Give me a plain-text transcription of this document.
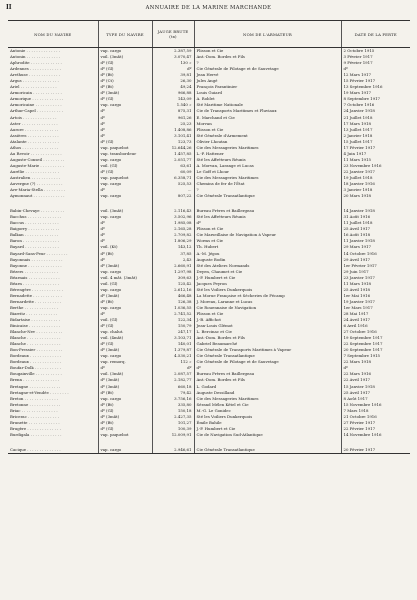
II	ANNUAIRE DE LA MARINE MARCHANDE
NOM DU NAVIRE	TYPE DU NAVIRE	JAUGE BRUTE
(tx)	NOM DE L'ARMATEUR	DATE DE LA PERTE
Antonie . . . . . . . . . . . . . .	vap. cargo	2.387,59	Plisson et Cie	2 Octobre 1915
Antonin . . . . . . . . . . . . . .	voil. (3mât)	3.070,47	Ant.-Dom. Bordes et Fils	3 Février 1917
Aphrodite . . . . . . . . . . . . .	dº (Gl)	130 »	?	9 Février 1917
Ardennes . . . . . . . . . . . . .	dº (Gl)	dº	Cie Générale de Pilotage et de Sauvetage	dº
Arethuse . . . . . . . . . . . . .	dº (Bt)	39,81	Jean Hervé	12 Mars 1917
Argus . . . . . . . . . . . . . . .	dº (Ct)	26,30	Jules Angé	15 Février 1917
Ariel . . . . . . . . . . . . . . .	dº (Bt)	49,24	François Parantinier	13 Septembre 1916
Armoricain . . . . . . . . . . . .	dº (3mât)	966,88	Louis Guiard	19 Mars 1917
Armorique . . . . . . . . . . . . .	dº (Gl)	143,09	A. Roblet	8 Septembre 1917
Armoricaine . . . . . . . . . . .	vap. cargo	1.540 »	Sté Maritime Nationale	7 Octobre 1916
Arthur-Capel . . . . . . . . . . .	dº	875,31	Cie de Transports Maritimes et Fluviaux	24 Janvier 1918
Artois . . . . . . . . . . . . . .	dº	961,26	E. Marchand et Cie	21 Juillet 1918
Aster . . . . . . . . . . . . . . .	dº	25,23	Morvan	17 Mars 1918
Aurore . . . . . . . . . . . . . .	dº	1.408,86	Plisson et Cie	13 Juillet 1917
Assières . . . . . . . . . . . . .	dº	3.101,41	Sté Générale d'Armement	2 Janvier 1918
Atalante . . . . . . . . . . . . .	dº (Gl)	123,73	Olivier Lhoutan	15 Juillet 1917
Athos . . . . . . . . . . . . . . .	vap. paquebot	12.644,26	Cie des Messageries Maritimes	17 Février 1917
Au Revoir . . . . . . . . . . . . .	vap. transbordeur	1.457,85	L.-P. Hattener	4 Juin 1917
Auguste-Conseil . . . . . . . . .	vap. cargo	2.051,77	Sté les Affréteurs Réunis	11 Mars 1915
Auguste-Marie . . . . . . . . . .	voil. (Gl)	63,61	A. Morvan, Larange et Lucas	23 Novembre 1916
Aurélie . . . . . . . . . . . . . .	dº (Gl)	60,09	Le Goff et Lhour	22 Janvier 1917
Australien . . . . . . . . . . . .	vap. paquebot	6.358,71	Cie des Messageries Maritimes	19 Juillet 1918
Auvergne (?) . . . . . . . . . . .	vap. cargo	525,53	Chemins de fer de l'État	18 Janvier 1916
Ave-Maria-Stella . . . . . . . . .	dº	...	?	3 Janvier 1918
Aymonnaut . . . . . . . . . . . . .	vap. cargo	807,22	Cie Générale Transatlantique	20 Mars 1918

Babin-Chevaye . . . . . . . . . .	voil. (3mât)	2.116,43	Bureau Frères et Baillergeau	14 Janvier 1918
Bacchus . . . . . . . . . . . . . .	vap. cargo	3.502,96	Sté les Affréteurs Réunis	31 Août 1916
Baccus . . . . . . . . . . . . . .	dº	1.985,08	dº	11 Juillet 1918
Baigorry . . . . . . . . . . . . .	dº	2.165,28	Plisson et Cie	25 Avril 1917
Balkan . . . . . . . . . . . . . .	dº	2.709,82	Cie Marseillaise de Navigation à Vapeur	16 Août 1918
Baron . . . . . . . . . . . . . . .	dº	1.806,29	Worms et Cie	11 Janvier 1918
Bayard . . . . . . . . . . . . . .	voil. (Kt)	143,12	Th. Hubert	29 Mars 1917
Bayard-Sans-Peur . . . . . . . . .	dº (Bt)	37,85	A.-M. Jégou	14 Octobre 1916
Bayonnais . . . . . . . . . . . . .	dº	2,43	Auguste Bodin	29 Avril 1917
Bayonne . . . . . . . . . . . . . .	dº (3mât)	2.660,91	Sté des Ateliers Normands	1er Février 1917
Bézers . . . . . . . . . . . . . .	vap. cargo	1.297,98	Deyen, Chaumet et Cie	29 Juin 1917
Béarnais . . . . . . . . . . . . .	voil. 4 mât. (3mât)	309,63	J.-P. Humbert et Cie	23 Janvier 1917
Béarn . . . . . . . . . . . . . . .	voil. (Gl)	125,42	Jacques Peyron	11 Mars 1918
Bérengère . . . . . . . . . . . . .	vap. cargo	2.612,16	Sté les Voiliers Dunkerquois	25 Avril 1918
Bernadette . . . . . . . . . . . .	dº (3mât)	466,48	La Morue Française et Sécheries de Fécamp	1er Mai 1916
Bernardette . . . . . . . . . . .	dº (Bt)	126,38	J. Moreau, Laranne et Lucas	19 Janvier 1917
Berthe . . . . . . . . . . . . . .	vap. cargo	1.036,55	Cie Rouennaise de Navigation	1er Mars 1917
Biarritz . . . . . . . . . . . . .	dº	2.741,52	Plisson et Cie	28 Mai 1917
Bidartaise . . . . . . . . . . . .	voil. (Gl)	122,34	J.-B. Affichot	24 Avril 1917
Binicaise . . . . . . . . . . . . .	dº (Gl)	150,79	Jean-Louis Glémot	6 Avril 1916
Blanche-Nev . . . . . . . . . . .	vap. chalut.	247,17	L. Bercinac et Cie	27 Octobre 1916
Blanche . . . . . . . . . . . . . .	voil. (4mât)	3.103,71	Ant.-Dom. Bordes et Fils	19 Septembre 1917
Blanche . . . . . . . . . . . . . .	dº (Gl)	140,01	Gabriel Beaumarché	22 Septembre 1917
Bon-Pressier . . . . . . . . . . .	dº (3mât)	1.379,87	Cie Générale de Transports Maritimes à Vapeur	20 Septembre 1917
Bordeaux . . . . . . . . . . . . .	vap. cargo	4.530,21	Cie Générale Transatlantique	7 Septembre 1915
Bordeaux . . . . . . . . . . . . .	vap. remorq.	112 »	Cie Générale de Pilotage et de Sauvetage	22 Mars 1918
Boufar-Dolk . . . . . . . . . . .	dº	dº	dº	dº
Bougainville . . . . . . . . . . .	voil. (3mât)	2.087,57	Bureau Frères et Baillergeau	22 Mars 1916
Brenn . . . . . . . . . . . . . . .	dº (3mât)	2.182,77	Ant.-Dom. Bordes et Fils	22 Avril 1917
Bretagne . . . . . . . . . . . . .	dº (3mât)	660,18	L. Godard	15 Janvier 1918
Bretagne-et-Vendée . . . . . . . .	dº (Bt)	79,42	Auguste Dessilland	25 Avril 1917
Breton . . . . . . . . . . . . . .	vap. cargo	3.756,16	Cie des Messageries Maritimes	8 Août 1917
Bretonne . . . . . . . . . . . . .	dº (Bt)	335,80	Sérand Mélen Kétel et Cie	15 Novembre 1916
Briac . . . . . . . . . . . . . . .	dº (Gl)	150,18	M.-G. Le Gonidec	7 Mars 1918
Bricerac . . . . . . . . . . . . .	dº (3mât)	2.427,35	Sté les Voiliers Dunkerquois	21 Octobre 1916
Brunette . . . . . . . . . . . . .	dº (Bt)	101,27	Émile Bahile	27 Février 1917
Brugère . . . . . . . . . . . . . .	dº (Gl)	100,39	J.-P. Humbert et Cie	22 Février 1917
Burdigala . . . . . . . . . . . . .	vap. paquebot	12.009,91	Cie de Navigation Sud-Atlantique	14 Novembre 1916

Cacique . . . . . . . . . . . . . .	vap. cargo	2.946,61	Cie Générale Transatlantique	20 Février 1917
